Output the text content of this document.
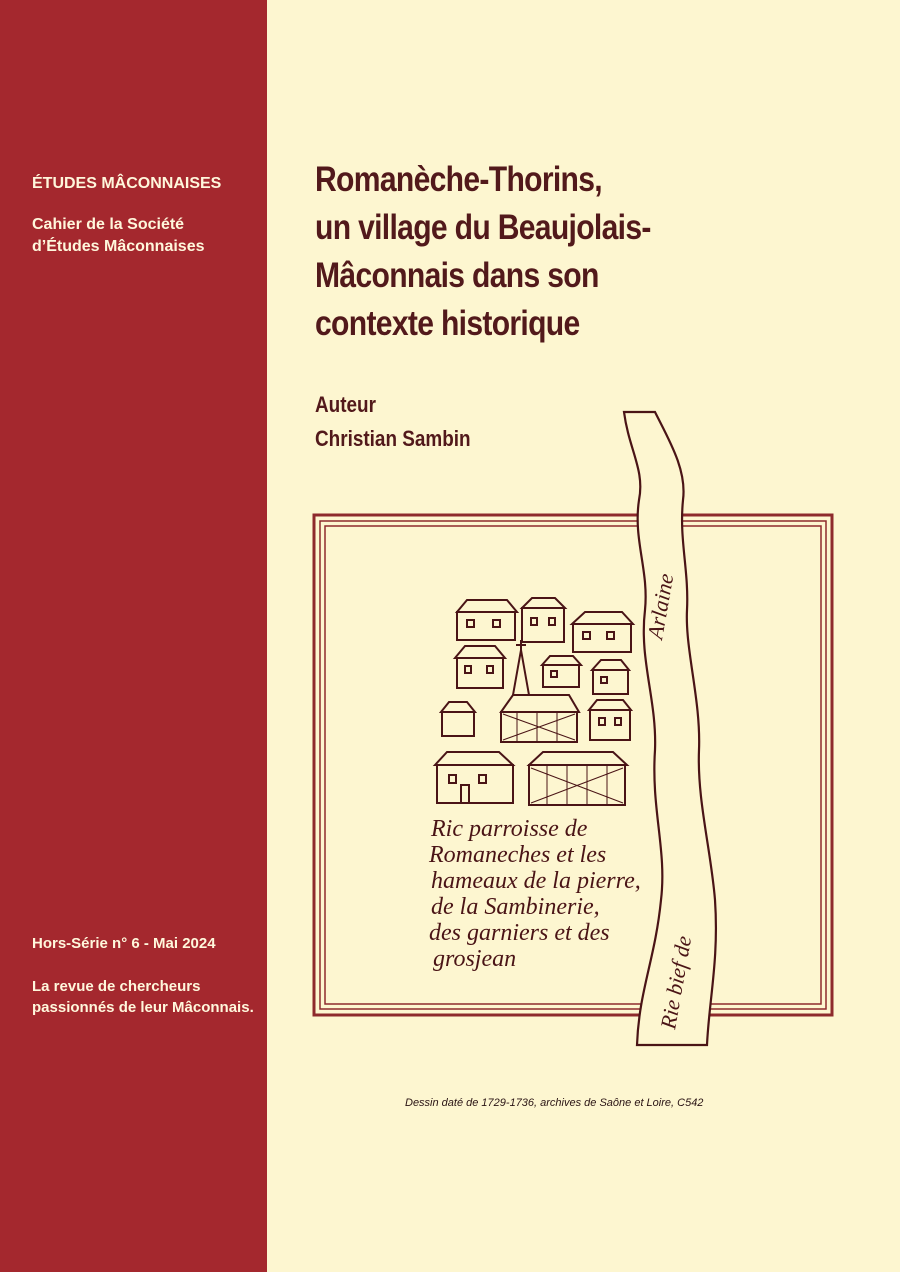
ÉTUDES MÂCONNAISES
Cahier de la Société
d’Études Mâconnaises
Hors-Série n° 6 - Mai 2024
La revue de chercheurs
passionnés de leur Mâconnais.
Romanèche-Thorins,
un village du Beaujolais-
Mâconnais dans son
contexte historique
Auteur
Christian Sambin
Arlaine
Rie bief de
Ric parroisse de
Romaneches et les
hameaux de la pierre,
de la Sambinerie,
des garniers et des
grosjean
Dessin daté de 1729-1736, archives de Saône et Loire, C542
